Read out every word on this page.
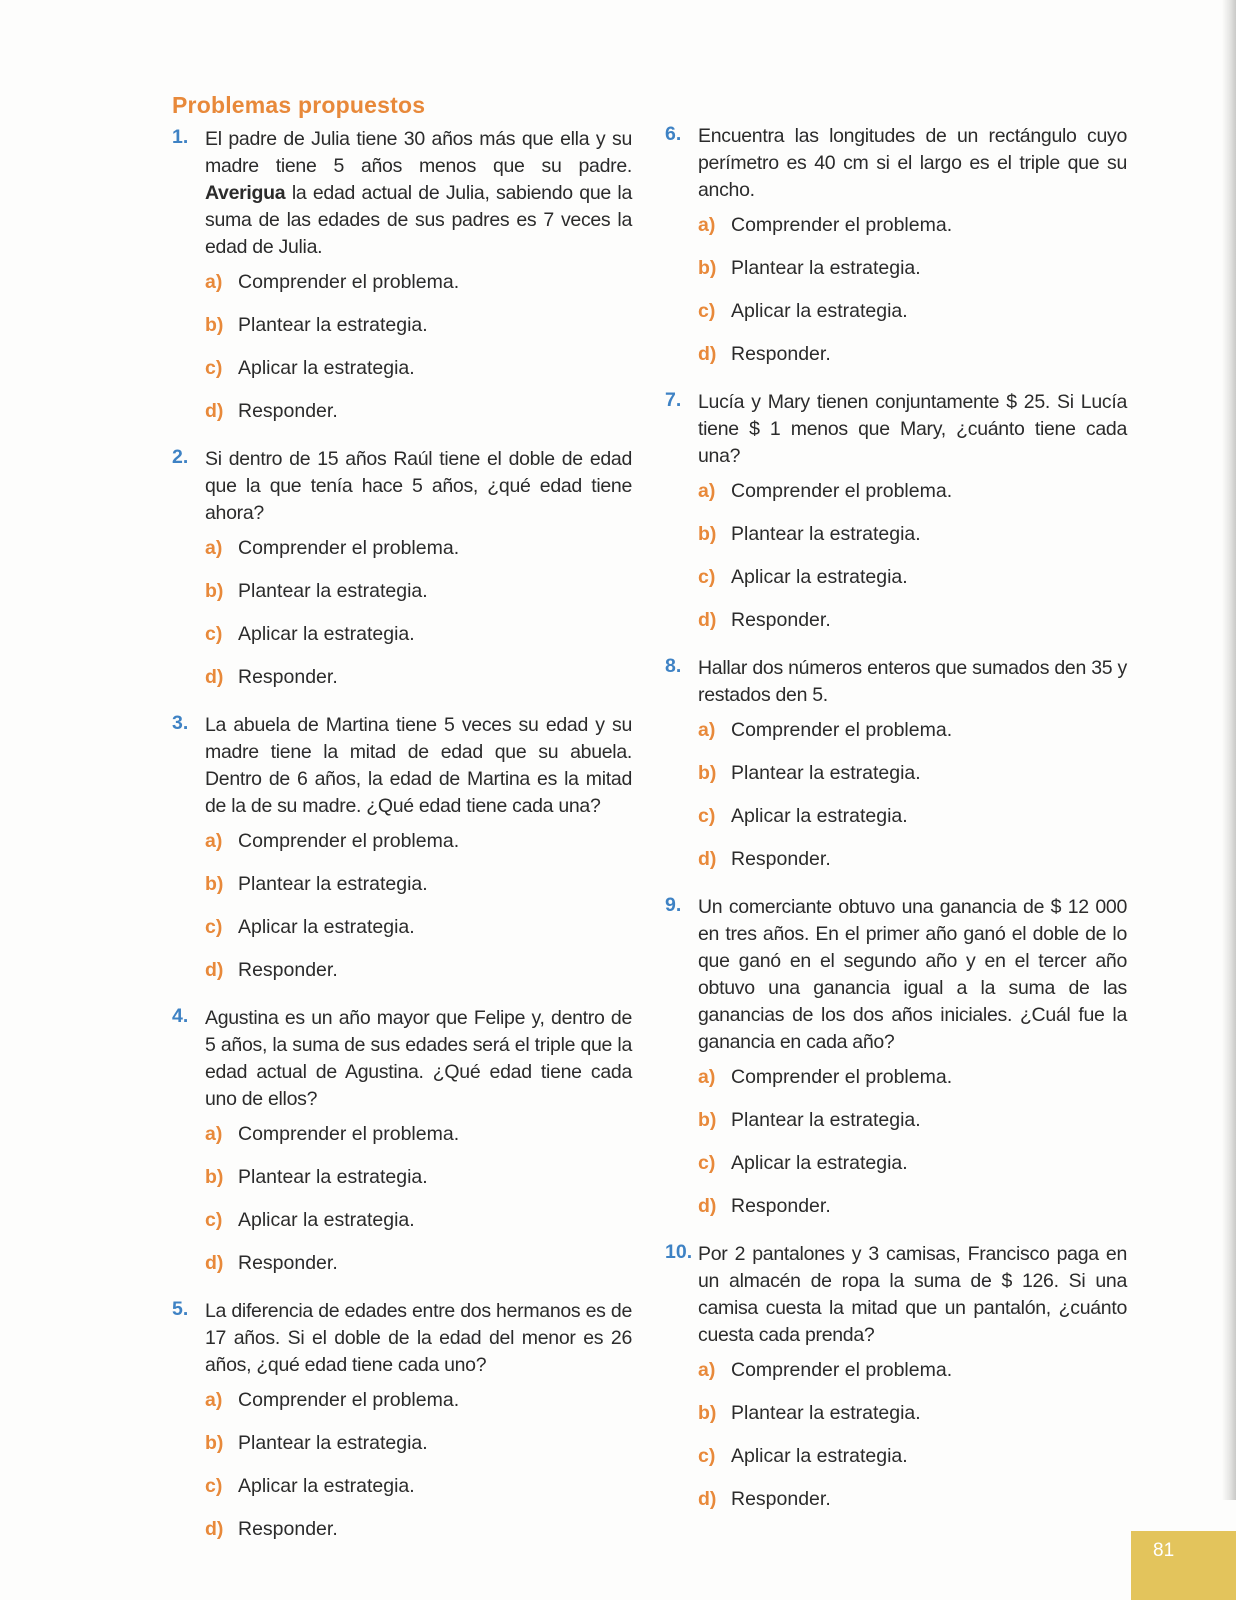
Problemas propuestos
1. El padre de Julia tiene 30 años más que ella y su madre tiene 5 años menos que su padre. Averigua la edad actual de Julia, sabiendo que la suma de las edades de sus padres es 7 veces la edad de Julia.
a) Comprender el problema.
b) Plantear la estrategia.
c) Aplicar la estrategia.
d) Responder.
2. Si dentro de 15 años Raúl tiene el doble de edad que la que tenía hace 5 años, ¿qué edad tiene ahora?
a) Comprender el problema.
b) Plantear la estrategia.
c) Aplicar la estrategia.
d) Responder.
3. La abuela de Martina tiene 5 veces su edad y su madre tiene la mitad de edad que su abuela. Dentro de 6 años, la edad de Martina es la mitad de la de su madre. ¿Qué edad tiene cada una?
a) Comprender el problema.
b) Plantear la estrategia.
c) Aplicar la estrategia.
d) Responder.
4. Agustina es un año mayor que Felipe y, dentro de 5 años, la suma de sus edades será el triple que la edad actual de Agustina. ¿Qué edad tiene cada uno de ellos?
a) Comprender el problema.
b) Plantear la estrategia.
c) Aplicar la estrategia.
d) Responder.
5. La diferencia de edades entre dos hermanos es de 17 años. Si el doble de la edad del menor es 26 años, ¿qué edad tiene cada uno?
a) Comprender el problema.
b) Plantear la estrategia.
c) Aplicar la estrategia.
d) Responder.
6. Encuentra las longitudes de un rectángulo cuyo perímetro es 40 cm si el largo es el triple que su ancho.
a) Comprender el problema.
b) Plantear la estrategia.
c) Aplicar la estrategia.
d) Responder.
7. Lucía y Mary tienen conjuntamente $ 25. Si Lucía tiene $ 1 menos que Mary, ¿cuánto tiene cada una?
a) Comprender el problema.
b) Plantear la estrategia.
c) Aplicar la estrategia.
d) Responder.
8. Hallar dos números enteros que sumados den 35 y restados den 5.
a) Comprender el problema.
b) Plantear la estrategia.
c) Aplicar la estrategia.
d) Responder.
9. Un comerciante obtuvo una ganancia de $ 12 000 en tres años. En el primer año ganó el doble de lo que ganó en el segundo año y en el tercer año obtuvo una ganancia igual a la suma de las ganancias de los dos años iniciales. ¿Cuál fue la ganancia en cada año?
a) Comprender el problema.
b) Plantear la estrategia.
c) Aplicar la estrategia.
d) Responder.
10. Por 2 pantalones y 3 camisas, Francisco paga en un almacén de ropa la suma de $ 126. Si una camisa cuesta la mitad que un pantalón, ¿cuánto cuesta cada prenda?
a) Comprender el problema.
b) Plantear la estrategia.
c) Aplicar la estrategia.
d) Responder.
81
